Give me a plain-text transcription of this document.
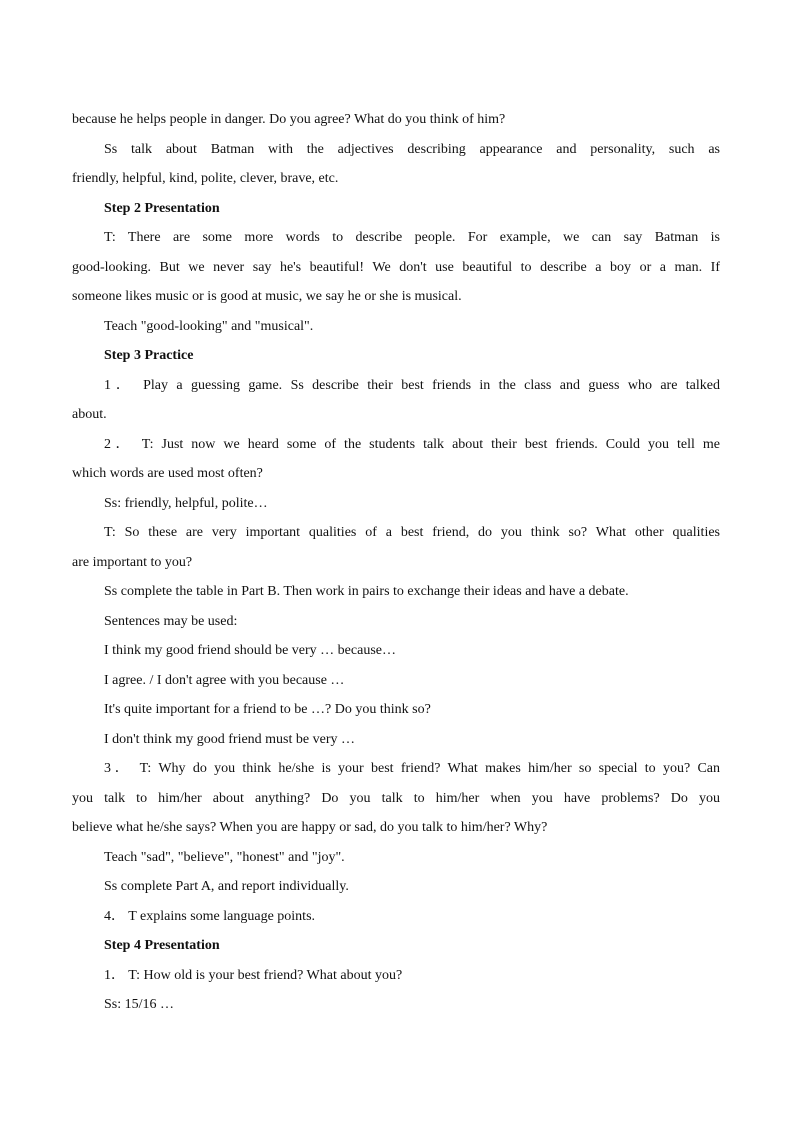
because he helps people in danger. Do you agree? What do you think of him?

Ss talk about Batman with the adjectives describing appearance and personality, such as

friendly, helpful, kind, polite, clever, brave, etc.

Step 2 Presentation

T: There are some more words to describe people. For example, we can say Batman is

good-looking. But we never say he's beautiful! We don't use beautiful to describe a boy or a man. If

someone likes music or is good at music, we say he or she is musical.

Teach "good-looking" and "musical".

Step 3 Practice

1． Play a guessing game. Ss describe their best friends in the class and guess who are talked

about.

2． T: Just now we heard some of the students talk about their best friends. Could you tell me

which words are used most often?

Ss: friendly, helpful, polite…

T: So these are very important qualities of a best friend, do you think so? What other qualities

are important to you?

Ss complete the table in Part B. Then work in pairs to exchange their ideas and have a debate.

Sentences may be used:

I think my good friend should be very … because…

I agree. / I don't agree with you because …

It's quite important for a friend to be …? Do you think so?

I don't think my good friend must be very …

3． T: Why do you think he/she is your best friend? What makes him/her so special to you? Can

you talk to him/her about anything? Do you talk to him/her when you have problems? Do you

believe what he/she says? When you are happy or sad, do you talk to him/her? Why?

Teach "sad", "believe", "honest" and "joy".

Ss complete Part A, and report individually.

4． T explains some language points.

Step 4 Presentation

1． T: How old is your best friend? What about you?

Ss: 15/16 …
